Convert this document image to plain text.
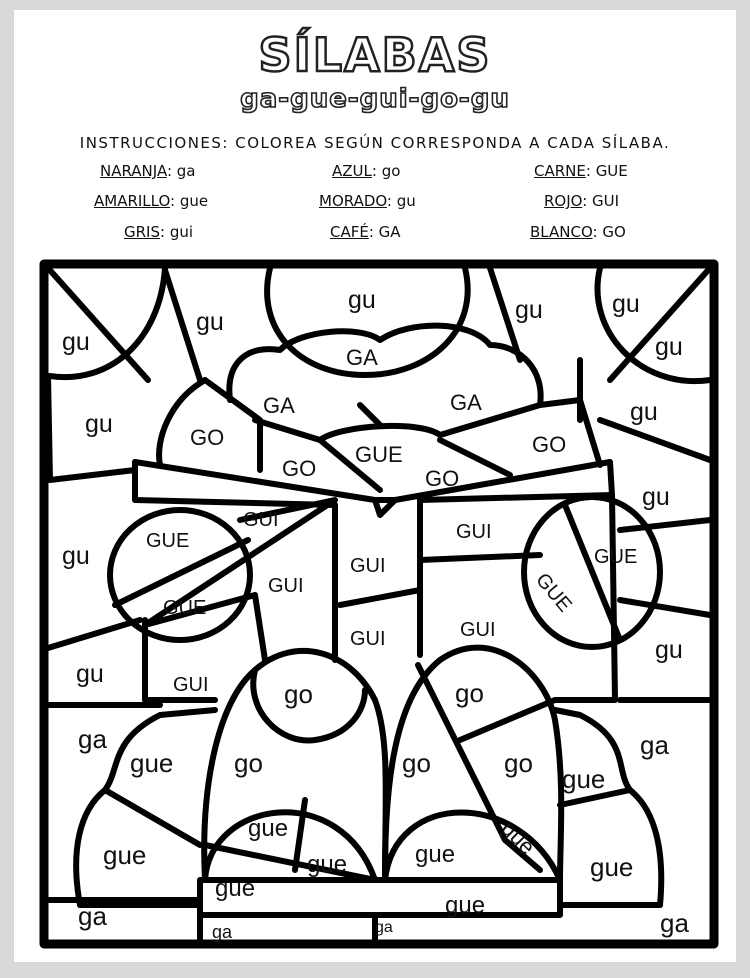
SÍLABAS
ga-gue-gui-go-gu
INSTRUCCIONES: COLOREA SEGÚN CORRESPONDA A CADA SÍLABA.
NARANJA: ga	AZUL: go	CARNE: GUE
AMARILLO: gue	MORADO: gu	ROJO: GUI
GRIS: gui	CAFÉ: GA	BLANCO: GO
gu
gu
gu	gu	gu
gu
gu	gu
gu
gu
gu
gu
GA
GA	GA
GO
GO
GUE
GO
GO
GUI
GUE
GUE
GUI
GUI
GUI
GUI
GUI
GUE
GUE
GUI	go	go
go	go	go
ga	ga
ga	ga
ga	ga
gue
gue
gue
gue
gue
gue
gue gue
gue
gue
